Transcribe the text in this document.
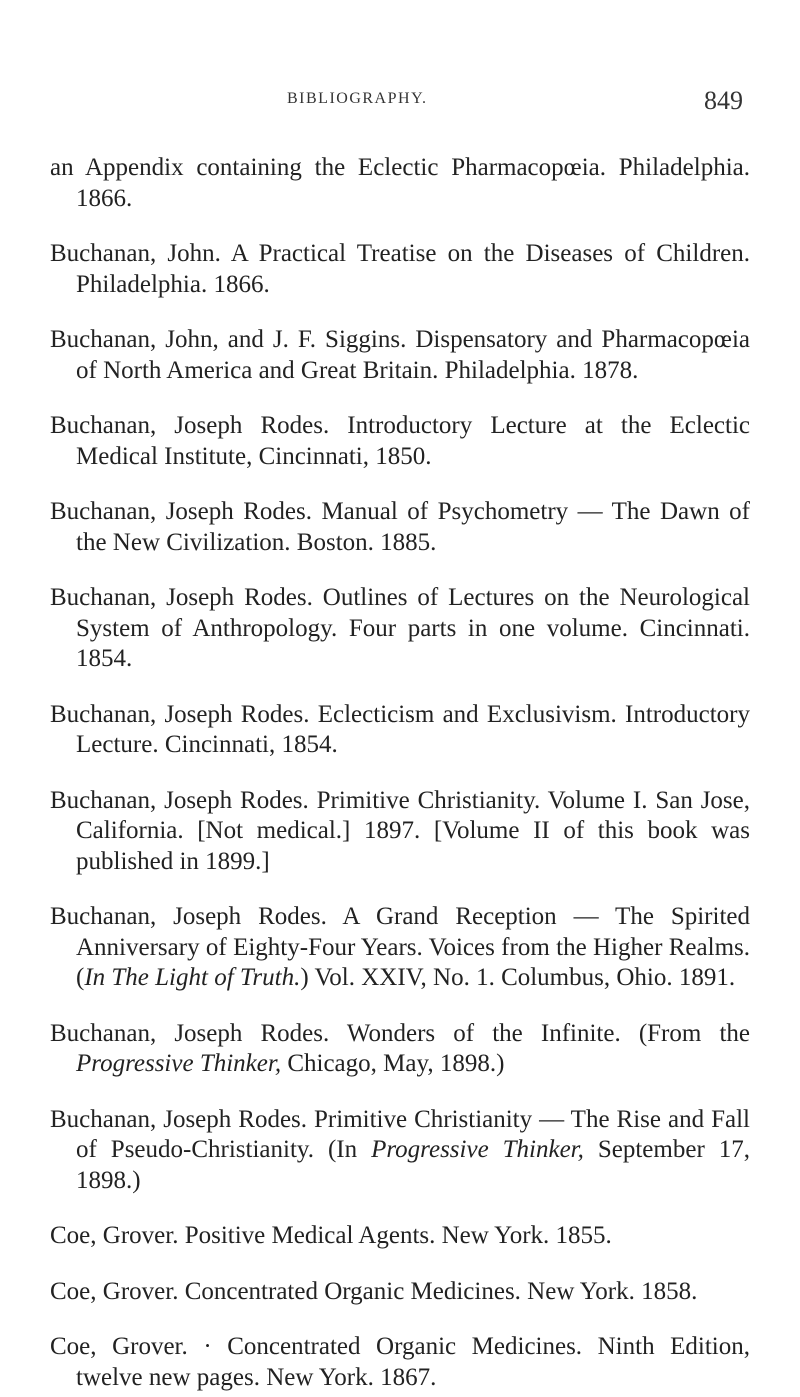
BIBLIOGRAPHY.	849

an Appendix containing the Eclectic Pharmacopœia. Philadelphia. 1866.

Buchanan, John. A Practical Treatise on the Diseases of Children. Philadelphia. 1866.

Buchanan, John, and J. F. Siggins. Dispensatory and Pharmacopœia of North America and Great Britain. Philadelphia. 1878.

Buchanan, Joseph Rodes. Introductory Lecture at the Eclectic Medical Institute, Cincinnati, 1850.

Buchanan, Joseph Rodes. Manual of Psychometry — The Dawn of the New Civilization. Boston. 1885.

Buchanan, Joseph Rodes. Outlines of Lectures on the Neurological System of Anthropology. Four parts in one volume. Cincinnati. 1854.

Buchanan, Joseph Rodes. Eclecticism and Exclusivism. Introductory Lecture. Cincinnati, 1854.

Buchanan, Joseph Rodes. Primitive Christianity. Volume I. San Jose, California. [Not medical.] 1897. [Volume II of this book was published in 1899.]

Buchanan, Joseph Rodes. A Grand Reception — The Spirited Anniversary of Eighty-Four Years. Voices from the Higher Realms. (In The Light of Truth.) Vol. XXIV, No. 1. Columbus, Ohio. 1891.

Buchanan, Joseph Rodes. Wonders of the Infinite. (From the Progressive Thinker, Chicago, May, 1898.)

Buchanan, Joseph Rodes. Primitive Christianity — The Rise and Fall of Pseudo-Christianity. (In Progressive Thinker, September 17, 1898.)

Coe, Grover. Positive Medical Agents. New York. 1855.

Coe, Grover. Concentrated Organic Medicines. New York. 1858.

Coe, Grover. · Concentrated Organic Medicines. Ninth Edition, twelve new pages. New York. 1867.
